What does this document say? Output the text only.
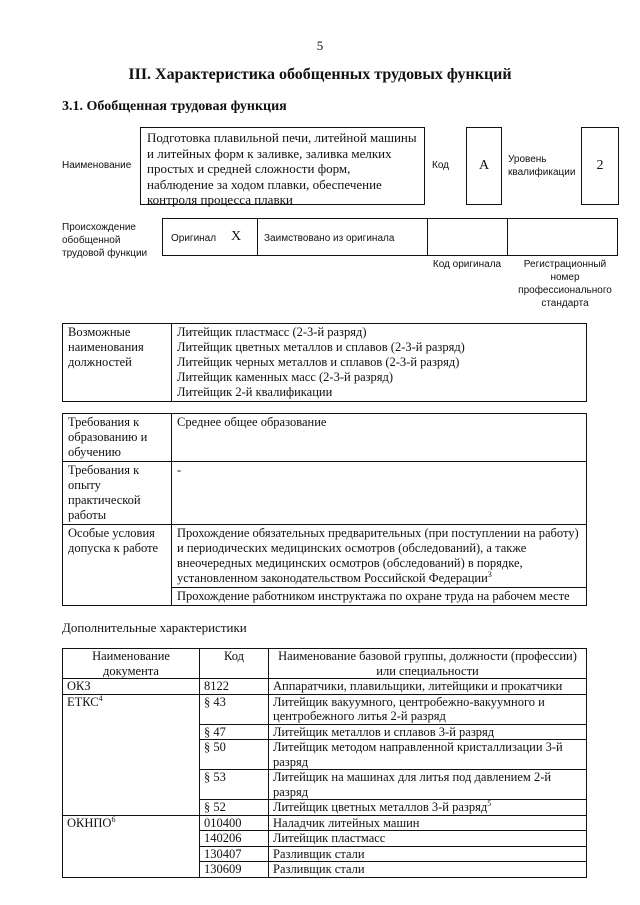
5
III. Характеристика обобщенных трудовых функций
3.1. Обобщенная трудовая функция
Наименование
Подготовка плавильной печи, литейной машины и литейных форм к заливке, заливка мелких простых и средней сложности форм, наблюдение за ходом плавки, обеспечение контроля процесса плавки
Код	А	Уровень квалификации	2
Происхождение обобщенной трудовой функции
Оригинал X Заимствовано из оригинала
Код оригинала	Регистрационный номер профессионального стандарта
Возможные наименования должностей	
Литейщик пластмасс (2-3-й разряд)
Литейщик цветных металлов и сплавов (2-3-й разряд)
Литейщик черных металлов и сплавов (2-3-й разряд)
Литейщик каменных масс (2-3-й разряд)
Литейщик 2-й квалификации
Требования к образованию и обучению	Среднее общее образование
Требования к опыту практической работы	-
Особые условия допуска к работе	Прохождение обязательных предварительных (при поступлении на работу) и периодических медицинских осмотров (обследований), а также внеочередных медицинских осмотров (обследований) в порядке, установленном законодательством Российской Федерации$^3$
	Прохождение работником инструктажа по охране труда на рабочем месте
Дополнительные характеристики
Наименование документа	Код	Наименование базовой группы, должности (профессии) или специальности
ОКЗ	8122	Аппаратчики, плавильщики, литейщики и прокатчики
ЕТКС$^4$	§ 43	Литейщик вакуумного, центробежно-вакуумного и центробежного литья 2-й разряд
	§ 47	Литейщик металлов и сплавов 3-й разряд
	§ 50	Литейщик методом направленной кристаллизации 3-й разряд
	§ 53	Литейщик на машинах для литья под давлением 2-й разряд
	§ 52	Литейщик цветных металлов 3-й разряд$^5$
ОКНПО$^6$	010400	Наладчик литейных машин
	140206	Литейщик пластмасс
	130407	Разливщик стали
	130609	Разливщик стали
